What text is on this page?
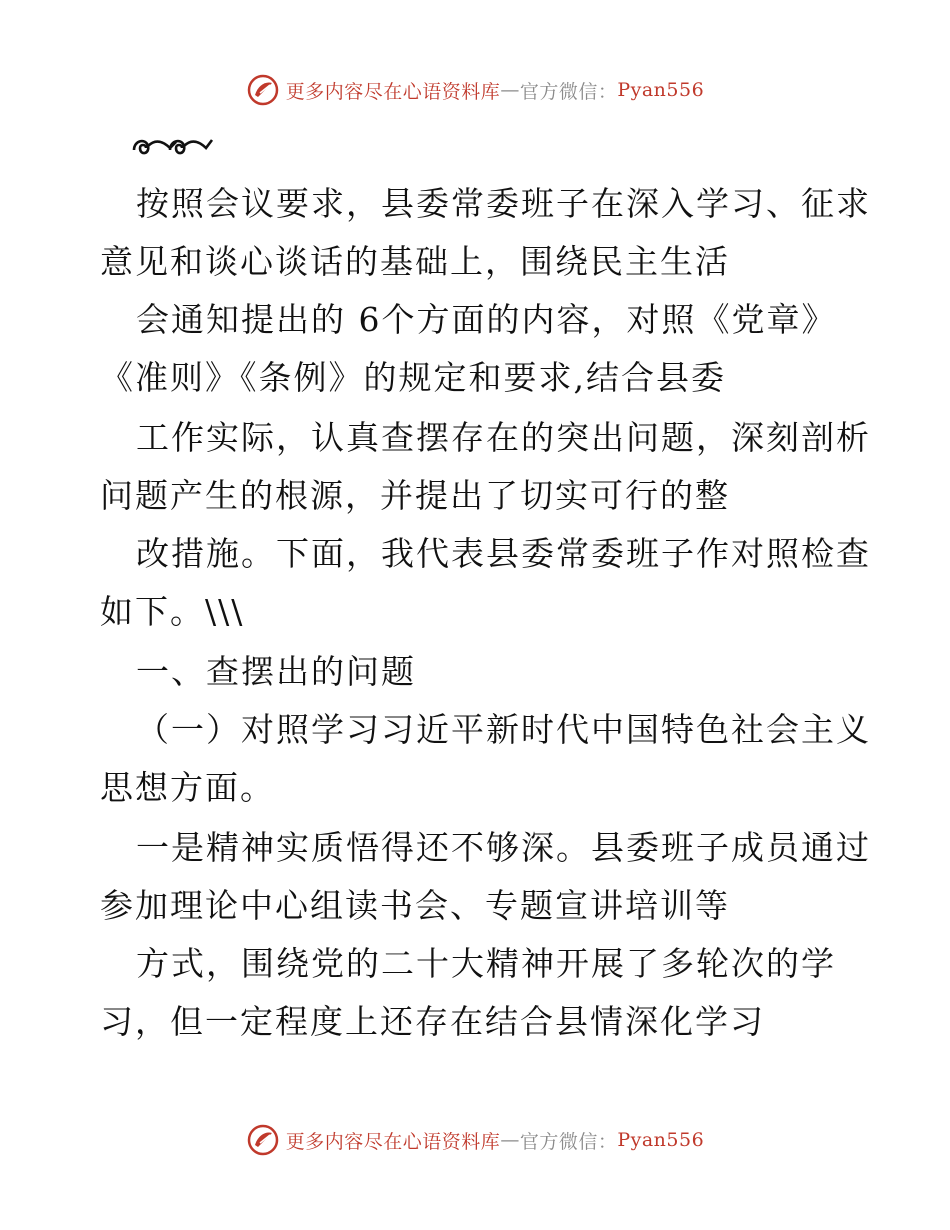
更多内容尽在心语资料库 — 官方微信： Pyan556
按照会议要求，县委常委班子在深入学习、征求
意见和谈心谈话的基础上，围绕民主生活
会通知提出的 6个方面的内容，对照《党章》
《准则》《条例》的规定和要求,结合县委
工作实际，认真查摆存在的突出问题，深刻剖析
问题产生的根源，并提出了切实可行的整
改措施。下面，我代表县委常委班子作对照检查
如下。\\\
一、查摆出的问题
（一）对照学习习近平新时代中国特色社会主义
思想方面。
一是精神实质悟得还不够深。县委班子成员通过
参加理论中心组读书会、专题宣讲培训等
方式，围绕党的二十大精神开展了多轮次的学
习，但一定程度上还存在结合县情深化学习
更多内容尽在心语资料库 — 官方微信： Pyan556
